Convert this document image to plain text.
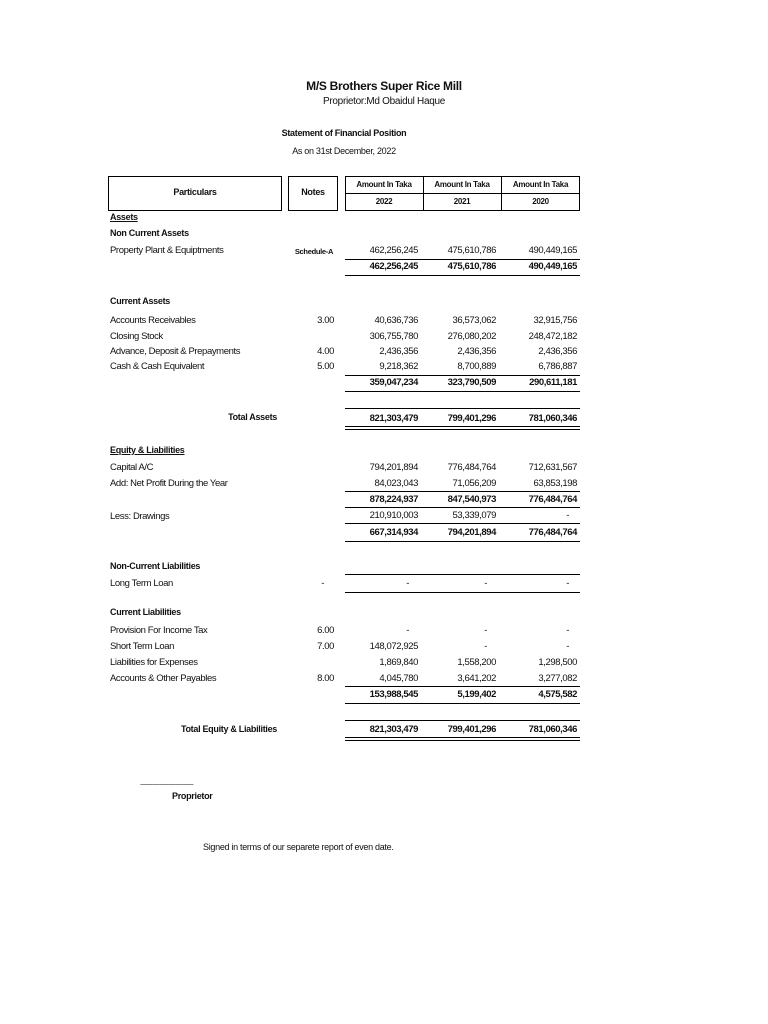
M/S Brothers Super Rice Mill
Proprietor:Md Obaidul Haque
Statement of Financial Position
As on 31st December, 2022
Particulars	Notes
Amount In Taka	Amount In Taka	Amount In Taka
2022	2021	2020
Assets
Non Current Assets
Property Plant & Equiptments	Schedule-A	462,256,245	475,610,786	490,449,165
462,256,245	475,610,786	490,449,165
Current Assets
Accounts Receivables	3.00	40,636,736	36,573,062	32,915,756
Closing Stock	306,755,780	276,080,202	248,472,182
Advance, Deposit & Prepayments	4.00	2,436,356	2,436,356	2,436,356
Cash & Cash Equivalent	5.00	9,218,362	8,700,889	6,786,887
359,047,234	323,790,509	290,611,181
Total Assets	821,303,479	799,401,296	781,060,346
Equity & Liabilities
Capital A/C	794,201,894	776,484,764	712,631,567
Add: Net Profit During the Year	84,023,043	71,056,209	63,853,198
878,224,937	847,540,973	776,484,764
Less: Drawings	210,910,003	53,339,079	-
667,314,934	794,201,894	776,484,764
Non-Current Liabilities
Long Term Loan	-	-	-	-
Current Liabilities
Provision For Income Tax	6.00	-	-	-
Short Term Loan	7.00	148,072,925	-	-
Liabilities for Expenses	1,869,840	1,558,200	1,298,500
Accounts & Other Payables	8.00	4,045,780	3,641,202	3,277,082
153,988,545	5,199,402	4,575,582
Total Equity & Liabilities	821,303,479	799,401,296	781,060,346
--------------------------------------
Proprietor
Signed in terms of our separete report of even date.
